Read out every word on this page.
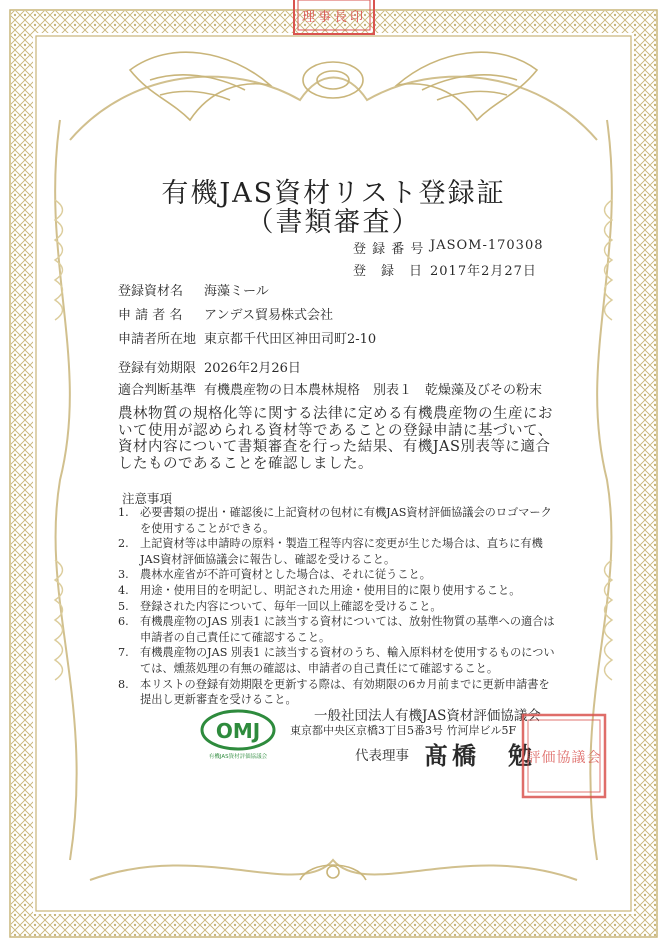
理事長印
有機JAS資材リスト登録証
（書類審査）
登 録 番 号 JASOM-170308
登　録　日 2017年2月27日
登録資材名 海藻ミール
申 請 者 名 アンデス貿易株式会社
申請者所在地 東京都千代田区神田司町2-10
登録有効期限 2026年2月26日
適合判断基準 有機農産物の日本農林規格　別表１　乾燥藻及びその粉末
農林物質の規格化等に関する法律に定める有機農産物の生産において使用が認められる資材等であることの登録申請に基づいて、資材内容について書類審査を行った結果、有機JAS別表等に適合したものであることを確認しました。
注意事項
1.	必要書類の提出・確認後に上記資材の包材に有機JAS資材評価協議会のロゴマークを使用することができる。
2.	上記資材等は申請時の原料・製造工程等内容に変更が生じた場合は、直ちに有機JAS資材評価協議会に報告し、確認を受けること。
3.	農林水産省が不許可資材とした場合は、それに従うこと。
4.	用途・使用目的を明記し、明記された用途・使用目的に限り使用すること。
5.	登録された内容について、毎年一回以上確認を受けること。
6.	有機農産物のJAS 別表1 に該当する資材については、放射性物質の基準への適合は申請者の自己責任にて確認すること。
7.	有機農産物のJAS 別表1 に該当する資材のうち、輸入原料材を使用するものについては、燻蒸処理の有無の確認は、申請者の自己責任にて確認すること。
8.	本リストの登録有効期限を更新する際は、有効期限の6カ月前までに更新申請書を提出し更新審査を受けること。
OMJ
有機JAS資材評価協議会
一般社団法人有機JAS資材評価協議会
東京都中央区京橋3丁目5番3号 竹河岸ビル5F
代表理事 髙橋　勉
評価協議会
